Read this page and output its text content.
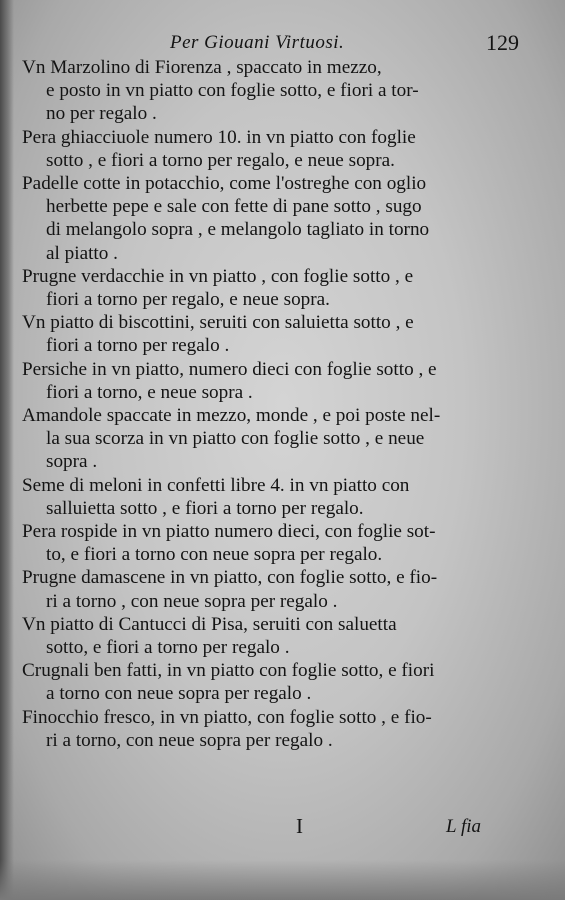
Per Giouani Virtuosi.	129
Vn Marzolino di Fiorenza , spaccato in mezzo,
e posto in vn piatto con foglie sotto, e fiori a tor-
no per regalo .
Pera ghiacciuole numero 10. in vn piatto con foglie
sotto , e fiori a torno per regalo, e neue sopra.
Padelle cotte in potacchio, come l'ostreghe con oglio
herbette pepe e sale con fette di pane sotto , sugo
di melangolo sopra , e melangolo tagliato in torno
al piatto .
Prugne verdacchie in vn piatto , con foglie sotto , e
fiori a torno per regalo, e neue sopra.
Vn piatto di biscottini, seruiti con saluietta sotto , e
fiori a torno per regalo .
Persiche in vn piatto, numero dieci con foglie sotto , e
fiori a torno, e neue sopra .
Amandole spaccate in mezzo, monde , e poi poste nel-
la sua scorza in vn piatto con foglie sotto , e neue
sopra .
Seme di meloni in confetti libre 4. in vn piatto con
salluietta sotto , e fiori a torno per regalo.
Pera rospide in vn piatto numero dieci, con foglie sot-
to, e fiori a torno con neue sopra per regalo.
Prugne damascene in vn piatto, con foglie sotto, e fio-
ri a torno , con neue sopra per regalo .
Vn piatto di Cantucci di Pisa, seruiti con saluetta
sotto, e fiori a torno per regalo .
Crugnali ben fatti, in vn piatto con foglie sotto, e fiori
a torno con neue sopra per regalo .
Finocchio fresco, in vn piatto, con foglie sotto , e fio-
ri a torno, con neue sopra per regalo .
I	L fia
